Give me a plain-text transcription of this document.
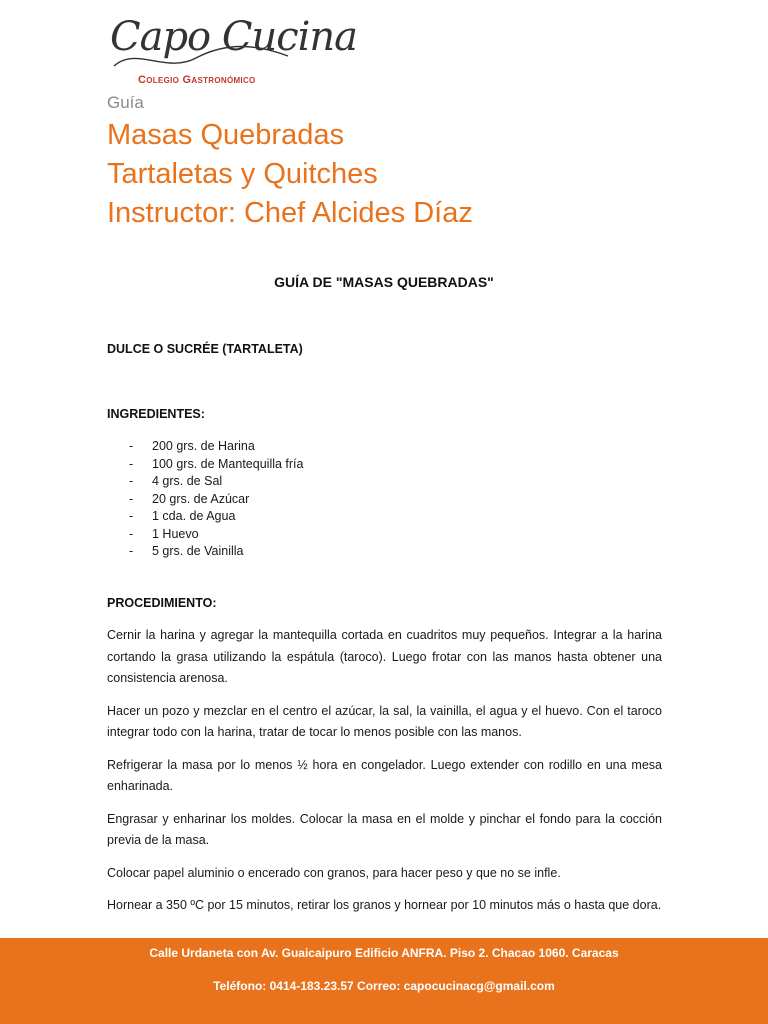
Capo Cucina
Colegio Gastronómico
Guía
Masas Quebradas
Tartaletas y Quitches
Instructor: Chef Alcides Díaz
GUÍA DE "MASAS QUEBRADAS"
DULCE O SUCRÉE (TARTALETA)
INGREDIENTES:
- 200 grs. de Harina
- 100 grs. de Mantequilla fría
- 4 grs. de Sal
- 20 grs. de Azúcar
- 1 cda. de Agua
- 1 Huevo
- 5 grs. de Vainilla
PROCEDIMIENTO:

Cernir la harina y agregar la mantequilla cortada en cuadritos muy pequeños. Integrar a la harina cortando la grasa utilizando la espátula (taroco). Luego frotar con las manos hasta obtener una consistencia arenosa.

Hacer un pozo y mezclar en el centro el azúcar, la sal, la vainilla, el agua y el huevo. Con el taroco integrar todo con la harina, tratar de tocar lo menos posible con las manos.

Refrigerar la masa por lo menos ½ hora en congelador. Luego extender con rodillo en una mesa enharinada.

Engrasar y enharinar los moldes. Colocar la masa en el molde y pinchar el fondo para la cocción previa de la masa.

Colocar papel aluminio o encerado con granos, para hacer peso y que no se infle.

Hornear a 350 ºC por 15 minutos, retirar los granos y hornear por 10 minutos más o hasta que dora.

Calle Urdaneta con Av. Guaicaipuro Edificio ANFRA. Piso 2. Chacao 1060. Caracas
Teléfono: 0414-183.23.57 Correo: capocucinacg@gmail.com
